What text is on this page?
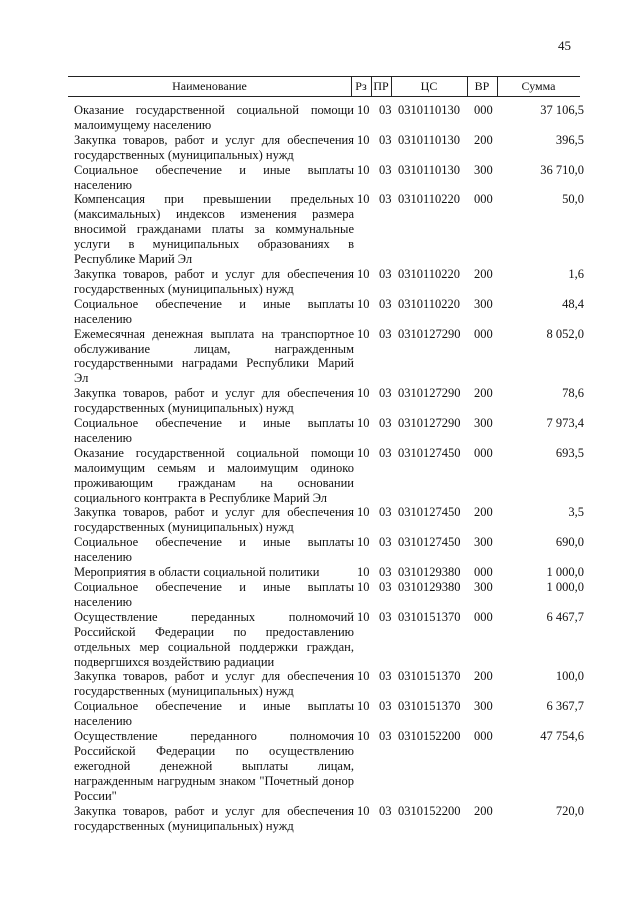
45
Наименование	Рз ПР	ЦС	ВР	Сумма
Оказание государственной социальной помощи малоимущему населению
10 03 0310110130	000	37 106,5
Закупка товаров, работ и услуг для обеспечения государственных (муниципальных) нужд
10 03 0310110130	200	396,5
Социальное обеспечение и иные выплаты населению
10 03 0310110130	300	36 710,0
Компенсация при превышении предельных (максимальных) индексов изменения размера вносимой гражданами платы за коммунальные услуги в муниципальных образованиях в Республике Марий Эл
10 03 0310110220	000	50,0
Закупка товаров, работ и услуг для обеспечения государственных (муниципальных) нужд
10 03 0310110220	200	1,6
Социальное обеспечение и иные выплаты населению
10 03 0310110220	300	48,4
Ежемесячная денежная выплата на транспортное обслуживание лицам, награжденным государственными наградами Республики Марий Эл
10 03 0310127290	000	8 052,0
Закупка товаров, работ и услуг для обеспечения государственных (муниципальных) нужд
10 03 0310127290	200	78,6
Социальное обеспечение и иные выплаты населению
10 03 0310127290	300	7 973,4
Оказание государственной социальной помощи малоимущим семьям и малоимущим одиноко проживающим гражданам на основании социального контракта в Республике Марий Эл
10 03 0310127450	000	693,5
Закупка товаров, работ и услуг для обеспечения государственных (муниципальных) нужд
10 03 0310127450	200	3,5
Социальное обеспечение и иные выплаты населению
10 03 0310127450	300	690,0
Мероприятия в области социальной политики	10 03 0310129380	000	1 000,0
Социальное обеспечение и иные выплаты населению
10 03 0310129380	300	1 000,0
Осуществление переданных полномочий Российской Федерации по предоставлению отдельных мер социальной поддержки граждан, подвергшихся воздействию радиации
10 03 0310151370	000	6 467,7
Закупка товаров, работ и услуг для обеспечения государственных (муниципальных) нужд
10 03 0310151370	200	100,0
Социальное обеспечение и иные выплаты населению
10 03 0310151370	300	6 367,7
Осуществление переданного полномочия Российской Федерации по осуществлению ежегодной денежной выплаты лицам, награжденным нагрудным знаком "Почетный донор России"
10 03 0310152200	000	47 754,6
Закупка товаров, работ и услуг для обеспечения государственных (муниципальных) нужд
10 03 0310152200	200	720,0
